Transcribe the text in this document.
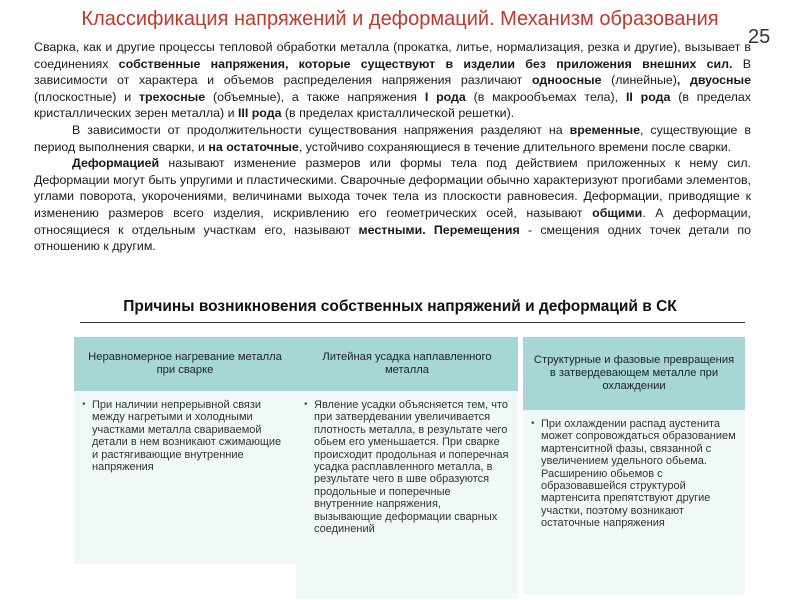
Классификация напряжений и деформаций. Механизм образования
25

Сварка, как и другие процессы тепловой обработки металла (прокатка, литье, нормализация, резка и другие), вызывает в соединениях собственные напряжения, которые существуют в изделии без приложения внешних сил. В зависимости от характера и объемов распределения напряжения различают одноосные (линейные), двуосные (плоскостные) и трехосные (объемные), а также напряжения I рода (в макрообъемах тела), II рода (в пределах кристаллических зерен металла) и III рода (в пределах кристаллической решетки).

В зависимости от продолжительности существования напряжения разделяют на временные, существующие в период выполнения сварки, и на остаточные, устойчиво сохраняющиеся в течение длительного времени после сварки.

Деформацией называют изменение размеров или формы тела под действием приложенных к нему сил. Деформации могут быть упругими и пластическими. Сварочные деформации обычно характеризуют прогибами элементов, углами поворота, укорочениями, величинами выхода точек тела из плоскости равновесия. Деформации, приводящие к изменению размеров всего изделия, искривлению его геометрических осей, называют общими. А деформации, относящиеся к отдельным участкам его, называют местными. Перемещения - смещения одних точек детали по отношению к другим.

Причины возникновения собственных напряжений и деформаций в СК
• При наличии непрерывной связи между нагретыми и холодными участками металла свариваемой детали в нем возникают сжимающие и растягивающие внутренние напряжения
Неравномерное нагревание металла при сварке
• Явление усадки объясняется тем, что при затвердевании увеличивается плотность металла, в результате чего обьем его уменьшается. При сварке происходит продольная и поперечная усадка расплавленного металла, в результате чего в шве образуются продольные и поперечные внутренние напряжения, вызывающие деформации сварных соединений
Литейная усадка наплавленного металла
• При охлаждении распад аустенита может сопровождаться образованием мартенситной фазы, связанной с увеличением удельного обьема. Расширению обьемов с образовавшейся структурой мартенсита препятствуют другие участки, поэтому возникают остаточные напряжения
Структурные и фазовые превращения в затвердевающем металле при охлаждении
